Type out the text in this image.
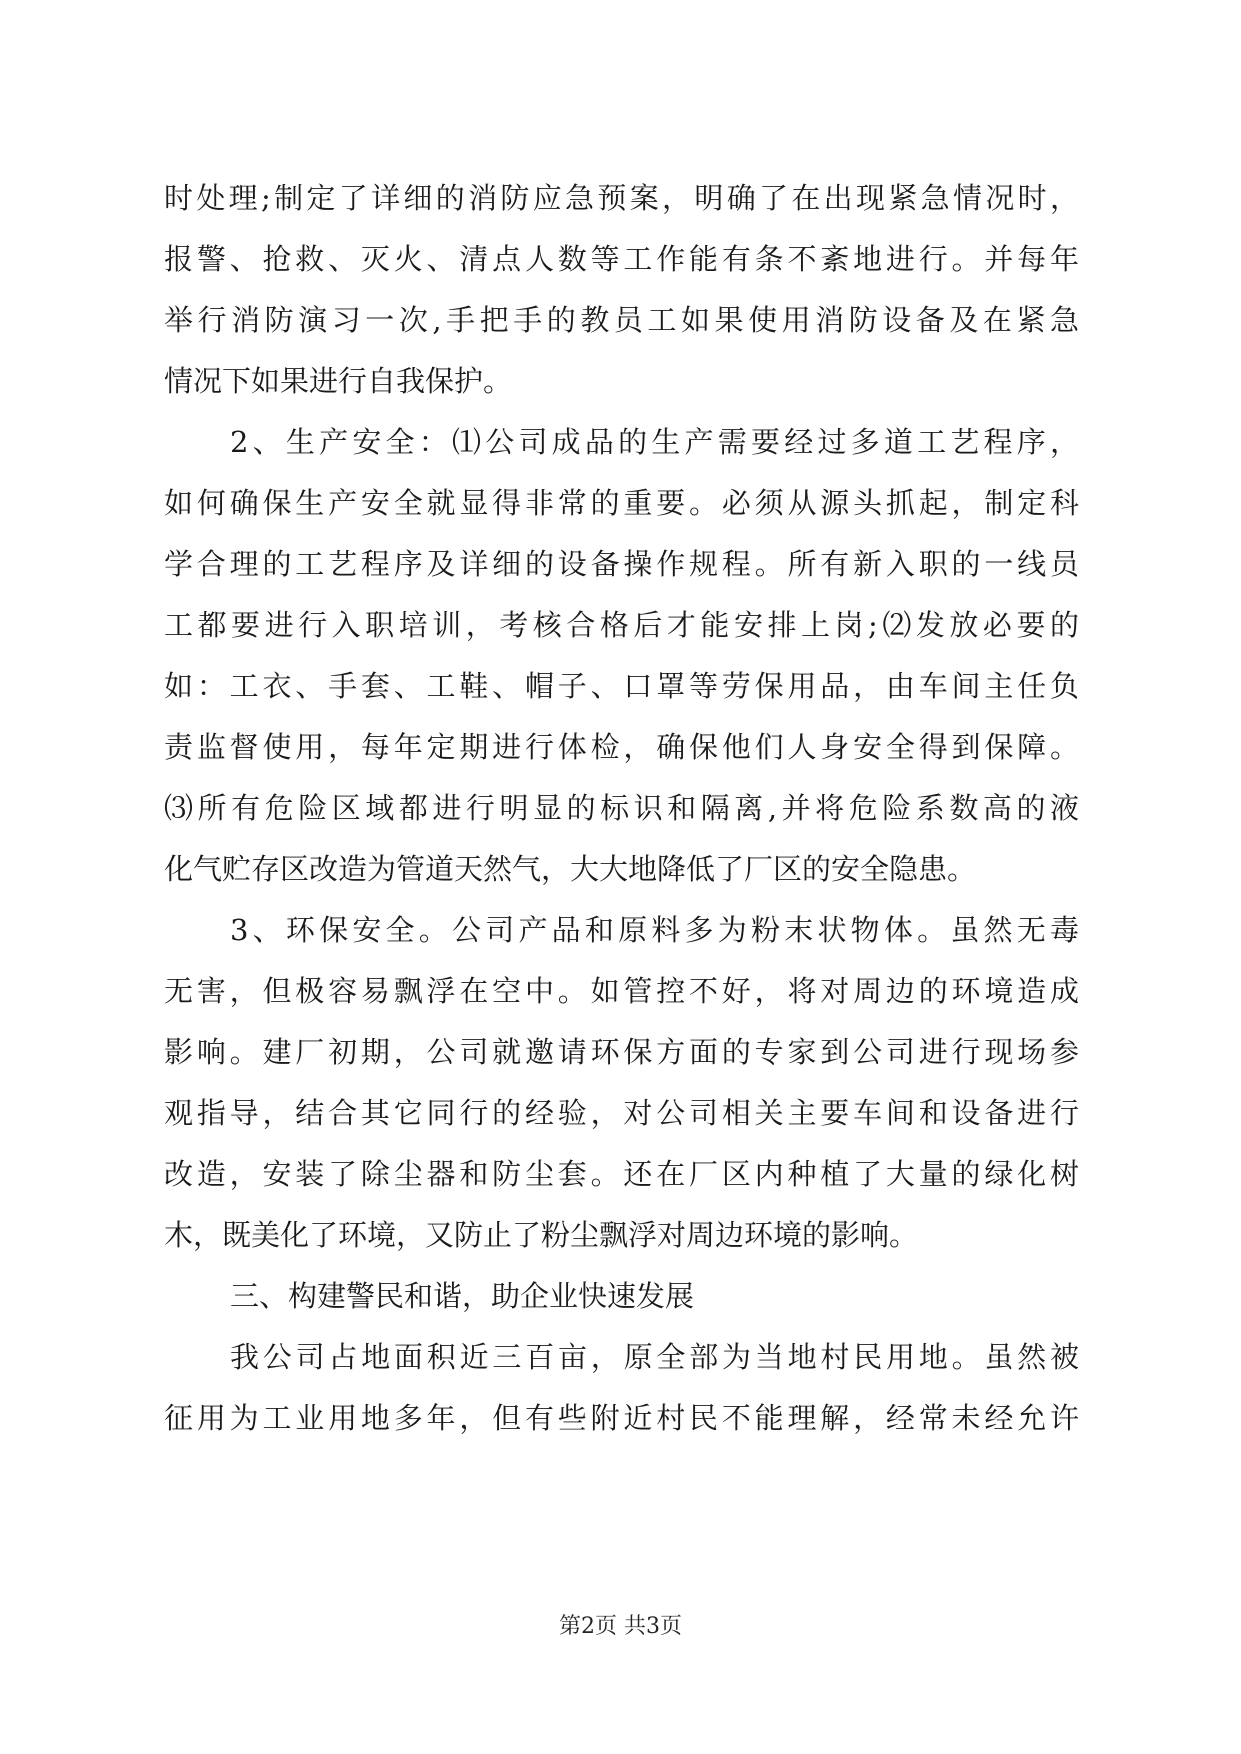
时处理;制定了详细的消防应急预案，明确了在出现紧急情况时，
报警、抢救、灭火、清点人数等工作能有条不紊地进行。并每年
举行消防演习一次,手把手的教员工如果使用消防设备及在紧急
情况下如果进行自我保护。
2、生产安全：⑴公司成品的生产需要经过多道工艺程序，
如何确保生产安全就显得非常的重要。必须从源头抓起，制定科
学合理的工艺程序及详细的设备操作规程。所有新入职的一线员
工都要进行入职培训，考核合格后才能安排上岗;⑵发放必要的
如：工衣、手套、工鞋、帽子、口罩等劳保用品，由车间主任负
责监督使用，每年定期进行体检，确保他们人身安全得到保障。
⑶所有危险区域都进行明显的标识和隔离,并将危险系数高的液
化气贮存区改造为管道天然气，大大地降低了厂区的安全隐患。
3、环保安全。公司产品和原料多为粉末状物体。虽然无毒
无害，但极容易飘浮在空中。如管控不好，将对周边的环境造成
影响。建厂初期，公司就邀请环保方面的专家到公司进行现场参
观指导，结合其它同行的经验，对公司相关主要车间和设备进行
改造，安装了除尘器和防尘套。还在厂区内种植了大量的绿化树
木，既美化了环境，又防止了粉尘飘浮对周边环境的影响。
三、构建警民和谐，助企业快速发展
我公司占地面积近三百亩，原全部为当地村民用地。虽然被
征用为工业用地多年，但有些附近村民不能理解，经常未经允许
第2页 共3页
